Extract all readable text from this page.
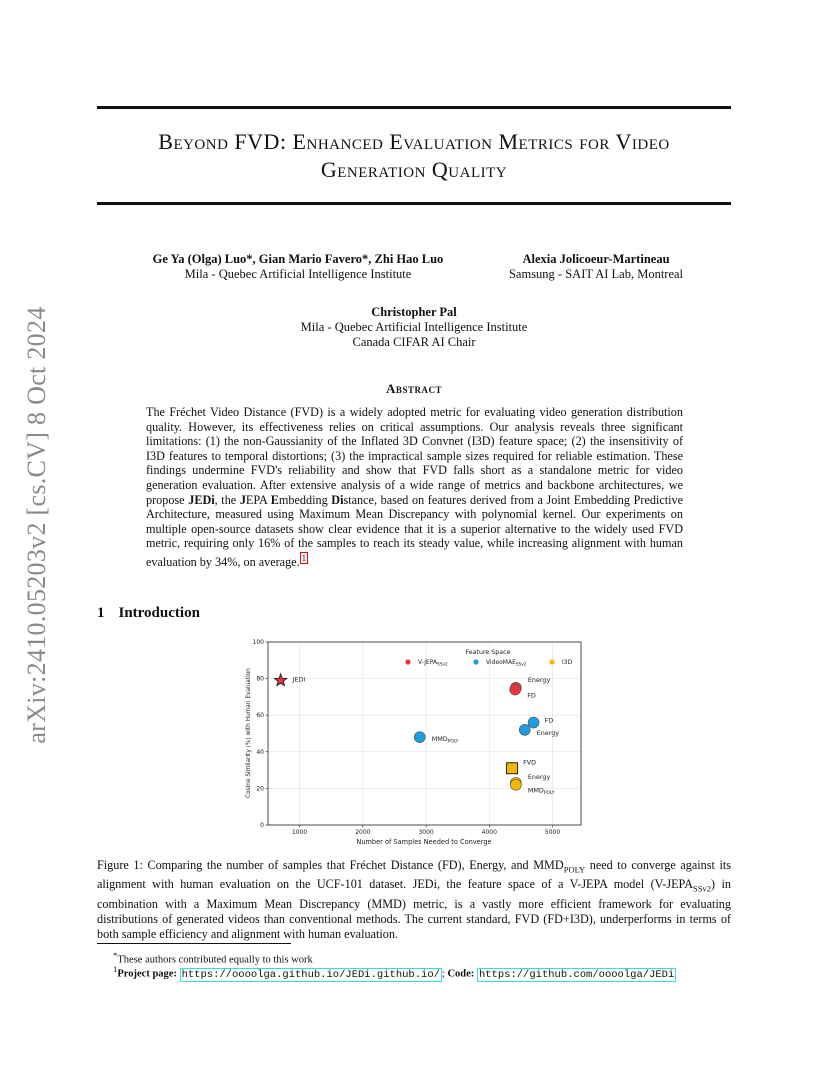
arXiv:2410.05203v2 [cs.CV] 8 Oct 2024
Beyond FVD: Enhanced Evaluation Metrics for Video
Generation Quality
Ge Ya (Olga) Luo*, Gian Mario Favero*, Zhi Hao Luo
Mila - Quebec Artificial Intelligence Institute
Alexia Jolicoeur-Martineau
Samsung - SAIT AI Lab, Montreal
Christopher Pal
Mila - Quebec Artificial Intelligence Institute
Canada CIFAR AI Chair
Abstract
The Fréchet Video Distance (FVD) is a widely adopted metric for evaluating video generation distribution quality. However, its effectiveness relies on critical assumptions. Our analysis reveals three significant limitations: (1) the non-Gaussianity of the Inflated 3D Convnet (I3D) feature space; (2) the insensitivity of I3D features to temporal distortions; (3) the impractical sample sizes required for reliable estimation. These findings undermine FVD's reliability and show that FVD falls short as a standalone metric for video generation evaluation. After extensive analysis of a wide range of metrics and backbone architectures, we propose JEDi, the JEPA Embedding Distance, based on features derived from a Joint Embedding Predictive Architecture, measured using Maximum Mean Discrepancy with polynomial kernel. Our experiments on multiple open-source datasets show clear evidence that it is a superior alternative to the widely used FVD metric, requiring only 16% of the samples to reach its steady value, while increasing alignment with human evaluation by 34%, on average. $^1$
1 Introduction
1000	2000	3000	4000	5000
0
20
40
60
80
100
JEDi	Energy
FD
$MMD_{POLY}$
FD
Energy
FVD
Energy
$MMD_{POLY}$
Feature Space
$V-JEPA_{SSv2}$	VideoMAE$_{SSv2}$	I3D
Number of Samples Needed to Converge
Cosine Similarity (%) with Human Evaluation
Figure 1: Comparing the number of samples that Fréchet Distance (FD), Energy, and $MMD_{POLY}$ need to converge against its alignment with human evaluation on the UCF-101 dataset. JEDi, the feature space of a V-JEPA model $(V-JEPA_{SSv2})$ in combination with a Maximum Mean Discrepancy (MMD) metric, is a vastly more efficient framework for evaluating distributions of generated videos than conventional methods. The current standard, FVD (FD+I3D), underperforms in terms of both sample efficiency and alignment with human evaluation.
*These authors contributed equally to this work
$^1$Project page: https://oooolga.github.io/JEDi.github.io/ ; Code: https://github.com/oooolga/JEDi
